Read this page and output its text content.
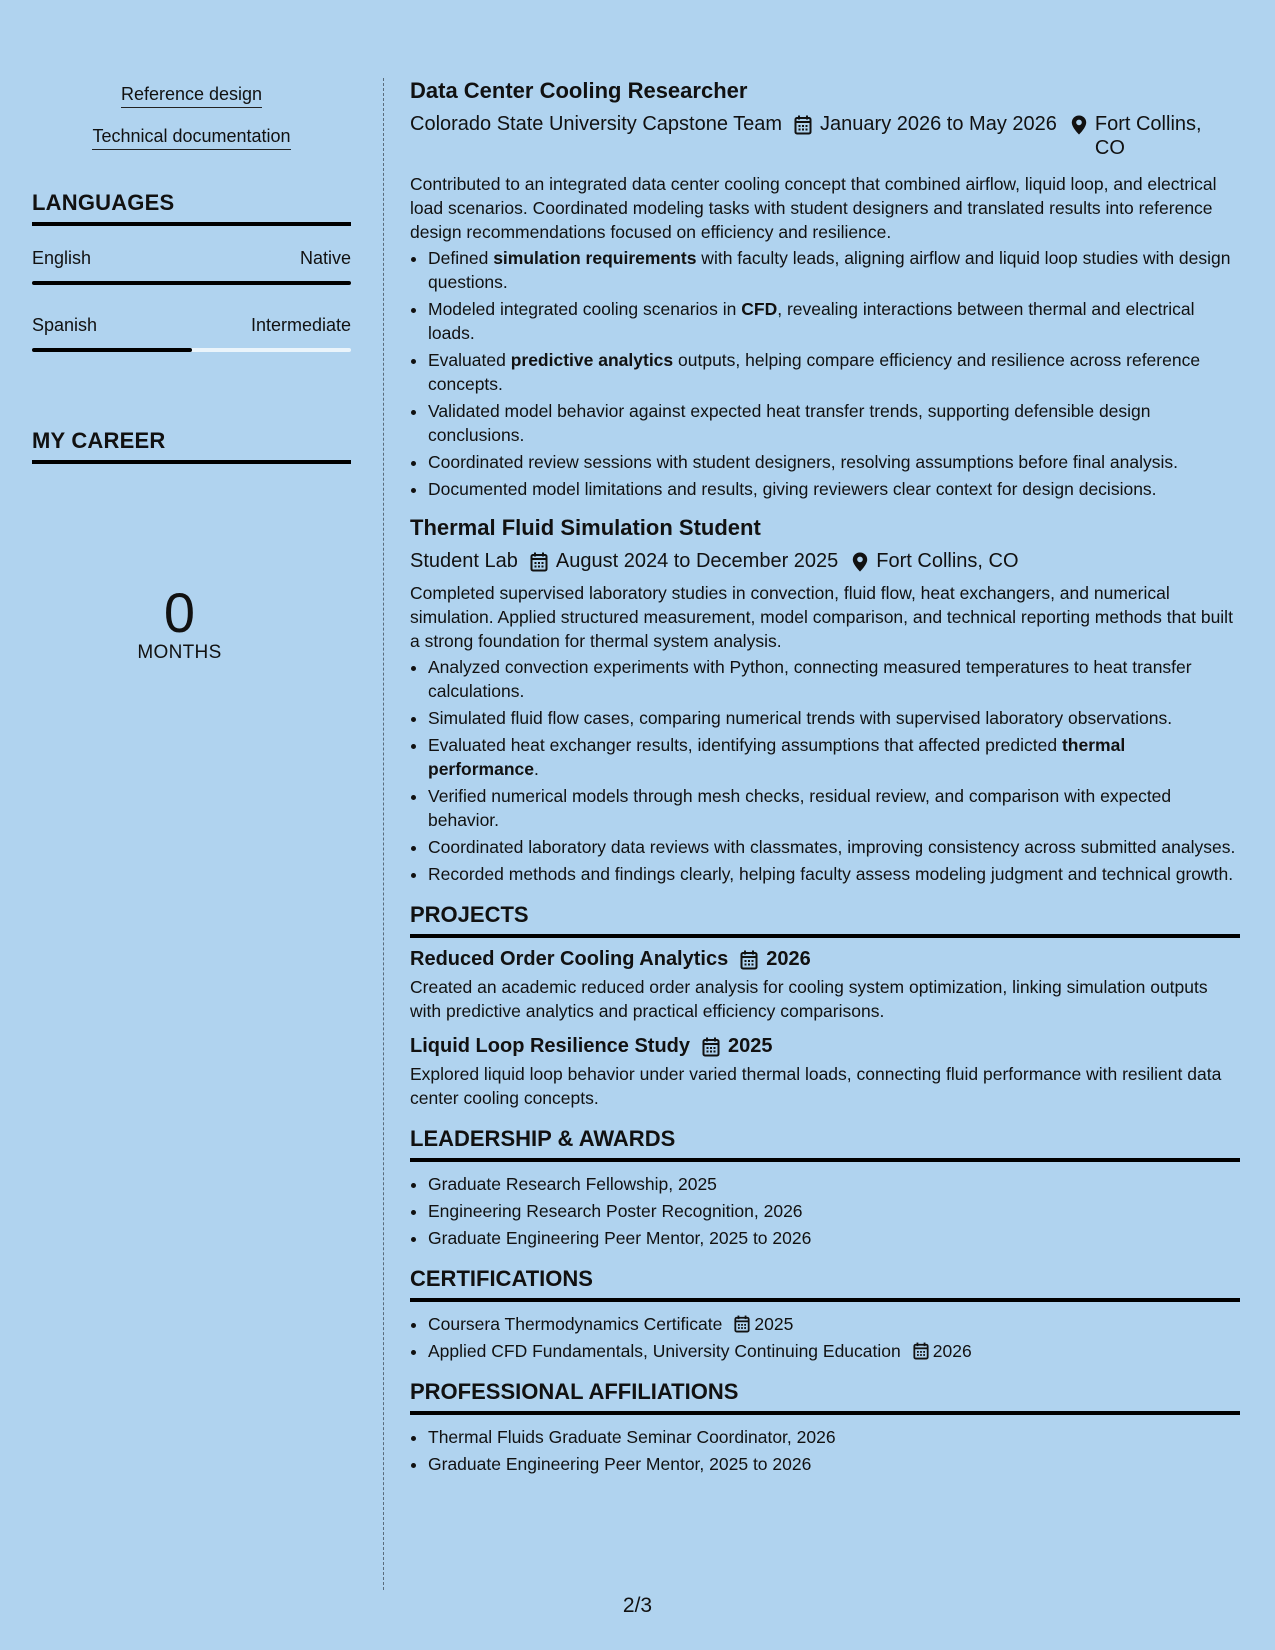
Reference design
Technical documentation
LANGUAGES
English	Native
Spanish	Intermediate
MY CAREER
0
MONTHS
Data Center Cooling Researcher
Colorado State University Capstone Team January 2026 to May 2026 Fort Collins, CO

Contributed to an integrated data center cooling concept that combined airflow, liquid loop, and electrical load scenarios. Coordinated modeling tasks with student designers and translated results into reference design recommendations focused on efficiency and resilience.

• Defined simulation requirements with faculty leads, aligning airflow and liquid loop studies with design questions.
• Modeled integrated cooling scenarios in CFD, revealing interactions between thermal and electrical loads.
• Evaluated predictive analytics outputs, helping compare efficiency and resilience across reference concepts.
• Validated model behavior against expected heat transfer trends, supporting defensible design conclusions.
• Coordinated review sessions with student designers, resolving assumptions before final analysis.
• Documented model limitations and results, giving reviewers clear context for design decisions.
Thermal Fluid Simulation Student
Student Lab August 2024 to December 2025 Fort Collins, CO

Completed supervised laboratory studies in convection, fluid flow, heat exchangers, and numerical simulation. Applied structured measurement, model comparison, and technical reporting methods that built a strong foundation for thermal system analysis.

• Analyzed convection experiments with Python, connecting measured temperatures to heat transfer calculations.
• Simulated fluid flow cases, comparing numerical trends with supervised laboratory observations.
• Evaluated heat exchanger results, identifying assumptions that affected predicted thermal performance.
• Verified numerical models through mesh checks, residual review, and comparison with expected behavior.
• Coordinated laboratory data reviews with classmates, improving consistency across submitted analyses.
• Recorded methods and findings clearly, helping faculty assess modeling judgment and technical growth.
PROJECTS
Reduced Order Cooling Analytics 2026

Created an academic reduced order analysis for cooling system optimization, linking simulation outputs with predictive analytics and practical efficiency comparisons.

Liquid Loop Resilience Study 2025

Explored liquid loop behavior under varied thermal loads, connecting fluid performance with resilient data center cooling concepts.

LEADERSHIP & AWARDS
• Graduate Research Fellowship, 2025
• Engineering Research Poster Recognition, 2026
• Graduate Engineering Peer Mentor, 2025 to 2026
CERTIFICATIONS
• Coursera Thermodynamics Certificate 2025
• Applied CFD Fundamentals, University Continuing Education 2026
PROFESSIONAL AFFILIATIONS
• Thermal Fluids Graduate Seminar Coordinator, 2026
• Graduate Engineering Peer Mentor, 2025 to 2026
2/3
